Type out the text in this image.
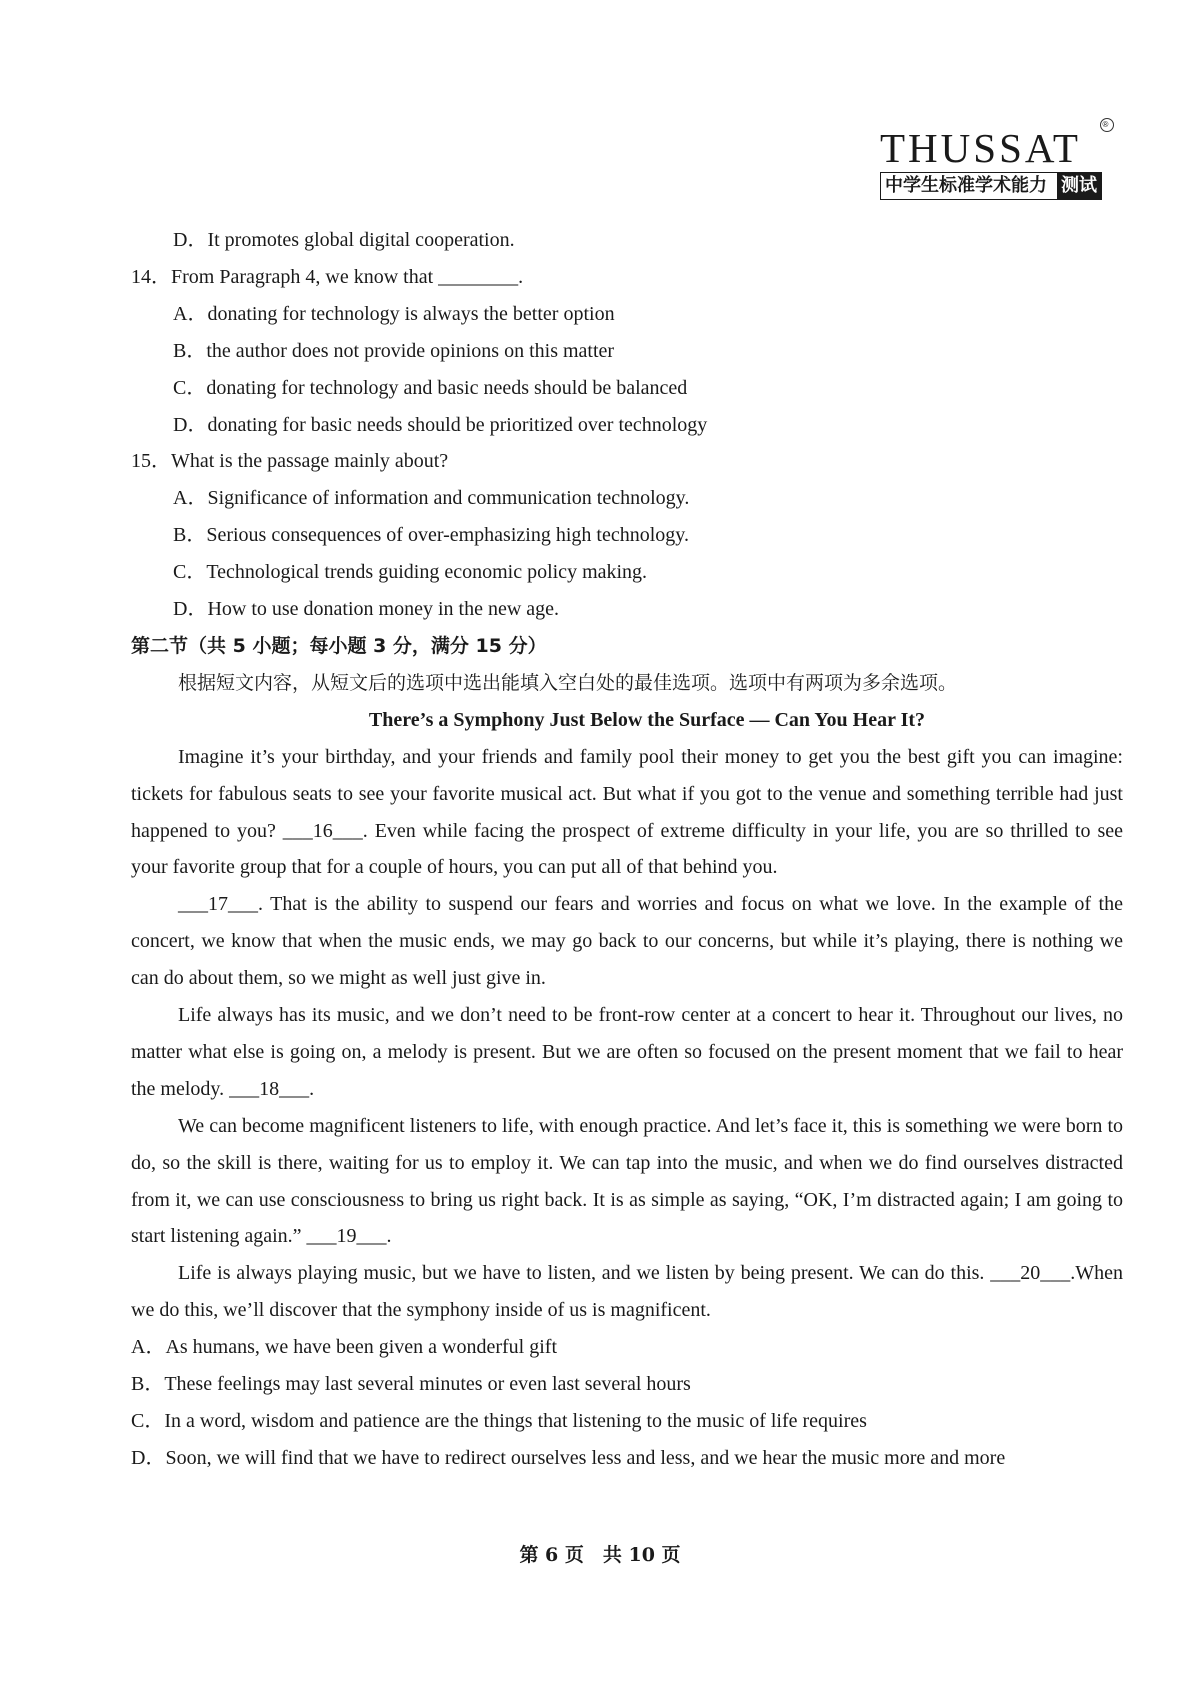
THUSSAT
®
中学生标准学术能力 测试
D．It promotes global digital cooperation.
14．From Paragraph 4, we know that ________.
A．donating for technology is always the better option
B．the author does not provide opinions on this matter
C．donating for technology and basic needs should be balanced
D．donating for basic needs should be prioritized over technology
15．What is the passage mainly about?
A．Significance of information and communication technology.
B．Serious consequences of over-emphasizing high technology.
C．Technological trends guiding economic policy making.
D．How to use donation money in the new age.
第二节（共 5 小题；每小题 3 分，满分 15 分）
根据短文内容，从短文后的选项中选出能填入空白处的最佳选项。选项中有两项为多余选项。
There’s a Symphony Just Below the Surface — Can You Hear It?

Imagine it’s your birthday, and your friends and family pool their money to get you the best gift you can imagine: tickets for fabulous seats to see your favorite musical act. But what if you got to the venue and something terrible had just happened to you? ___16___. Even while facing the prospect of extreme difficulty in your life, you are so thrilled to see your favorite group that for a couple of hours, you can put all of that behind you.

___17___. That is the ability to suspend our fears and worries and focus on what we love. In the example of the concert, we know that when the music ends, we may go back to our concerns, but while it’s playing, there is nothing we can do about them, so we might as well just give in.

Life always has its music, and we don’t need to be front-row center at a concert to hear it. Throughout our lives, no matter what else is going on, a melody is present. But we are often so focused on the present moment that we fail to hear the melody. ___18___.

We can become magnificent listeners to life, with enough practice. And let’s face it, this is something we were born to do, so the skill is there, waiting for us to employ it. We can tap into the music, and when we do find ourselves distracted from it, we can use consciousness to bring us right back. It is as simple as saying, “OK, I’m distracted again; I am going to start listening again.” ___19___.

Life is always playing music, but we have to listen, and we listen by being present. We can do this. ___20___.When we do this, we’ll discover that the symphony inside of us is magnificent.

A．As humans, we have been given a wonderful gift
B．These feelings may last several minutes or even last several hours
C．In a word, wisdom and patience are the things that listening to the music of life requires
D．Soon, we will find that we have to redirect ourselves less and less, and we hear the music more and more
第 6 页　共 10 页
